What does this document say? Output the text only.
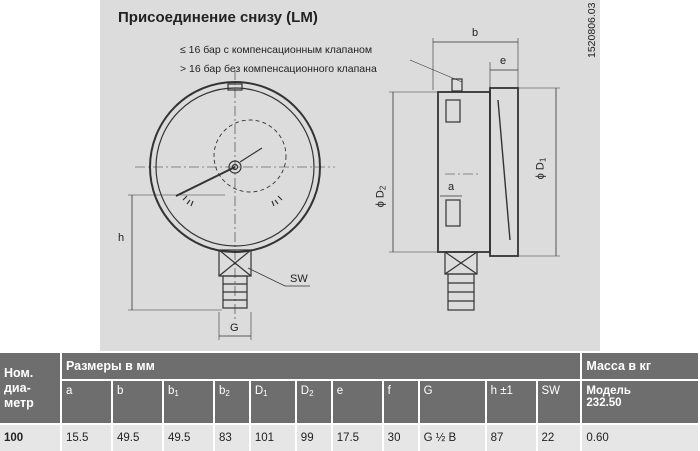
Присоединение снизу (LM)
≤ 16 бар с компенсационным клапаном
> 16 бар без компенсационного клапана
1520806.03
h
G
SW
b
e
a
ϕ $D_1$
ϕ $D_2$
Ном.
диа-
метр	Размеры в мм											Масса в кг
	a	b	$b_1$	$b_2$	$D_1$	$D_2$	e	f	G	h ±1	SW	Модель
232.50
100	15.5	49.5	49.5	83	101	99	17.5	30	G ½ B	87	22	0.60
